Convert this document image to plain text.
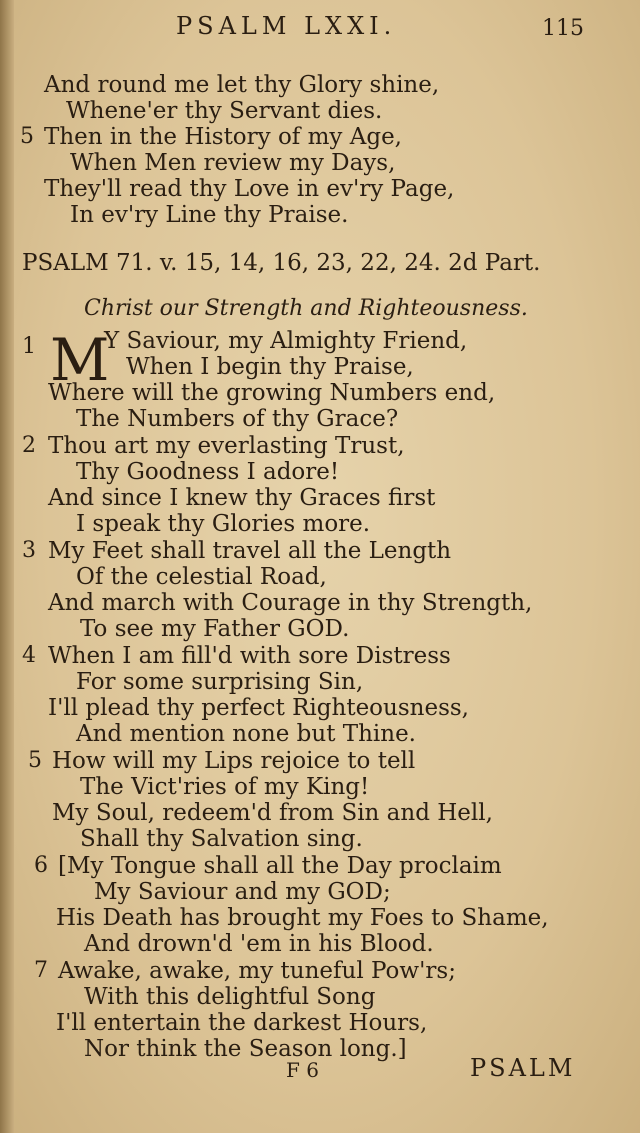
PSALM LXXI.	115
And round me let thy Glory shine,
Whene'er thy Servant dies.
5 Then in the History of my Age,
When Men review my Days,
They'll read thy Love in ev'ry Page,
In ev'ry Line thy Praise.
PSALM 71. v. 15, 14, 16, 23, 22, 24. 2d Part.
Christ our Strength and Righteousness.
1 M
Y Saviour, my Almighty Friend,
When I begin thy Praise,
Where will the growing Numbers end,
The Numbers of thy Grace?
2 Thou art my everlasting Trust,
Thy Goodness I adore!
And since I knew thy Graces first
I speak thy Glories more.
3 My Feet shall travel all the Length
Of the celestial Road,
And march with Courage in thy Strength,
To see my Father GOD.
4 When I am fill'd with sore Distress
For some surprising Sin,
I'll plead thy perfect Righteousness,
And mention none but Thine.
5 How will my Lips rejoice to tell
The Vict'ries of my King!
My Soul, redeem'd from Sin and Hell,
Shall thy Salvation sing.
6 [My Tongue shall all the Day proclaim
My Saviour and my GOD;
His Death has brought my Foes to Shame,
And drown'd 'em in his Blood.
7 Awake, awake, my tuneful Pow'rs;
With this delightful Song
I'll entertain the darkest Hours,
Nor think the Season long.]
F 6	PSALM
